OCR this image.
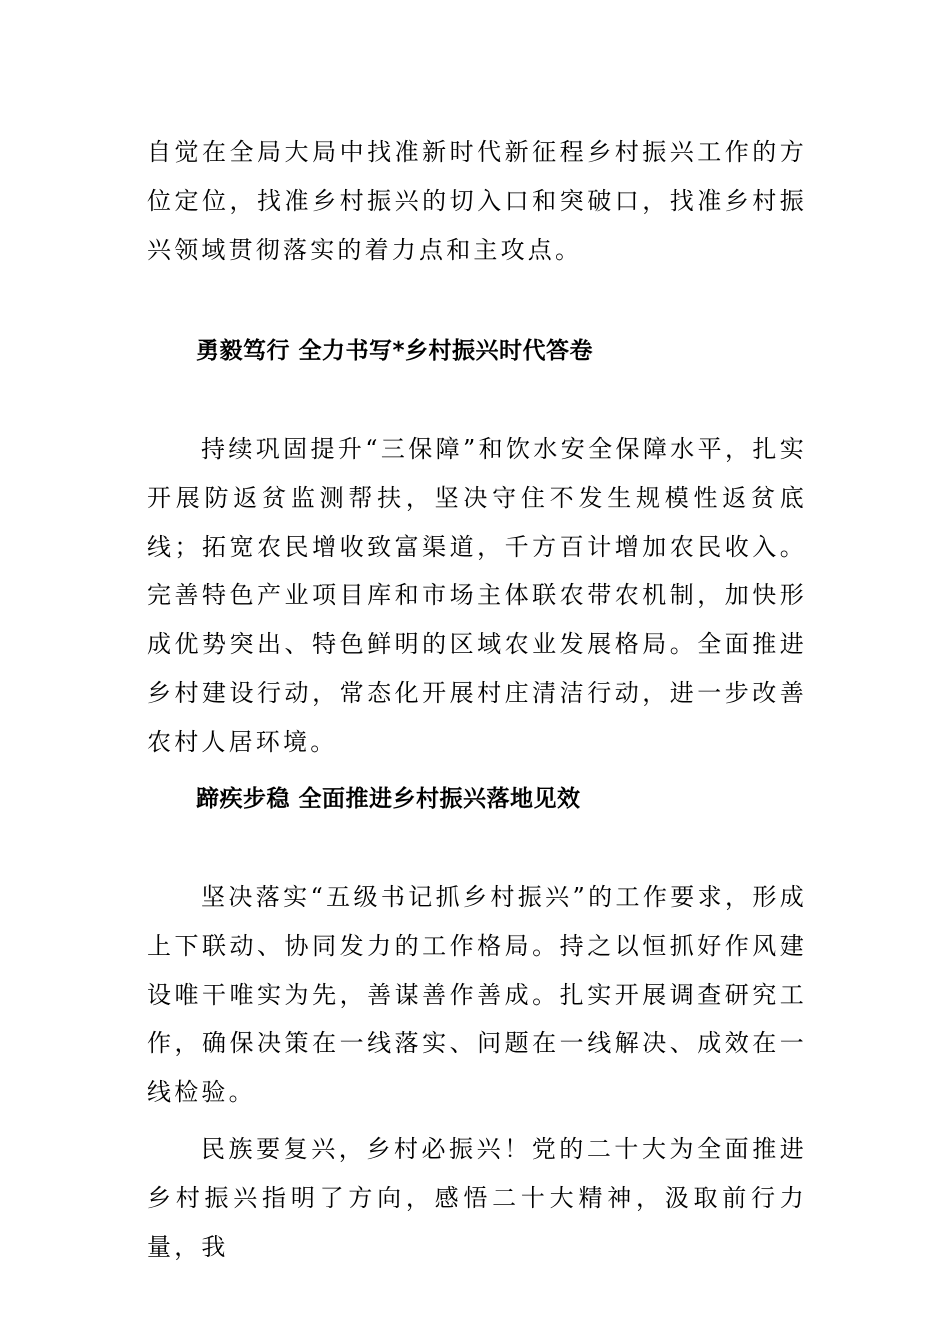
自觉在全局大局中找准新时代新征程乡村振兴工作的方位定位，找准乡村振兴的切入口和突破口，找准乡村振兴领域贯彻落实的着力点和主攻点。

勇毅笃行 全力书写*乡村振兴时代答卷

持续巩固提升“三保障”和饮水安全保障水平，扎实开展防返贫监测帮扶，坚决守住不发生规模性返贫底线；拓宽农民增收致富渠道，千方百计增加农民收入。完善特色产业项目库和市场主体联农带农机制，加快形成优势突出、特色鲜明的区域农业发展格局。全面推进乡村建设行动，常态化开展村庄清洁行动，进一步改善农村人居环境。

蹄疾步稳 全面推进乡村振兴落地见效

坚决落实“五级书记抓乡村振兴”的工作要求，形成上下联动、协同发力的工作格局。持之以恒抓好作风建设唯干唯实为先，善谋善作善成。扎实开展调查研究工作，确保决策在一线落实、问题在一线解决、成效在一线检验。

民族要复兴，乡村必振兴！党的二十大为全面推进乡村振兴指明了方向，感悟二十大精神，汲取前行力量，我
